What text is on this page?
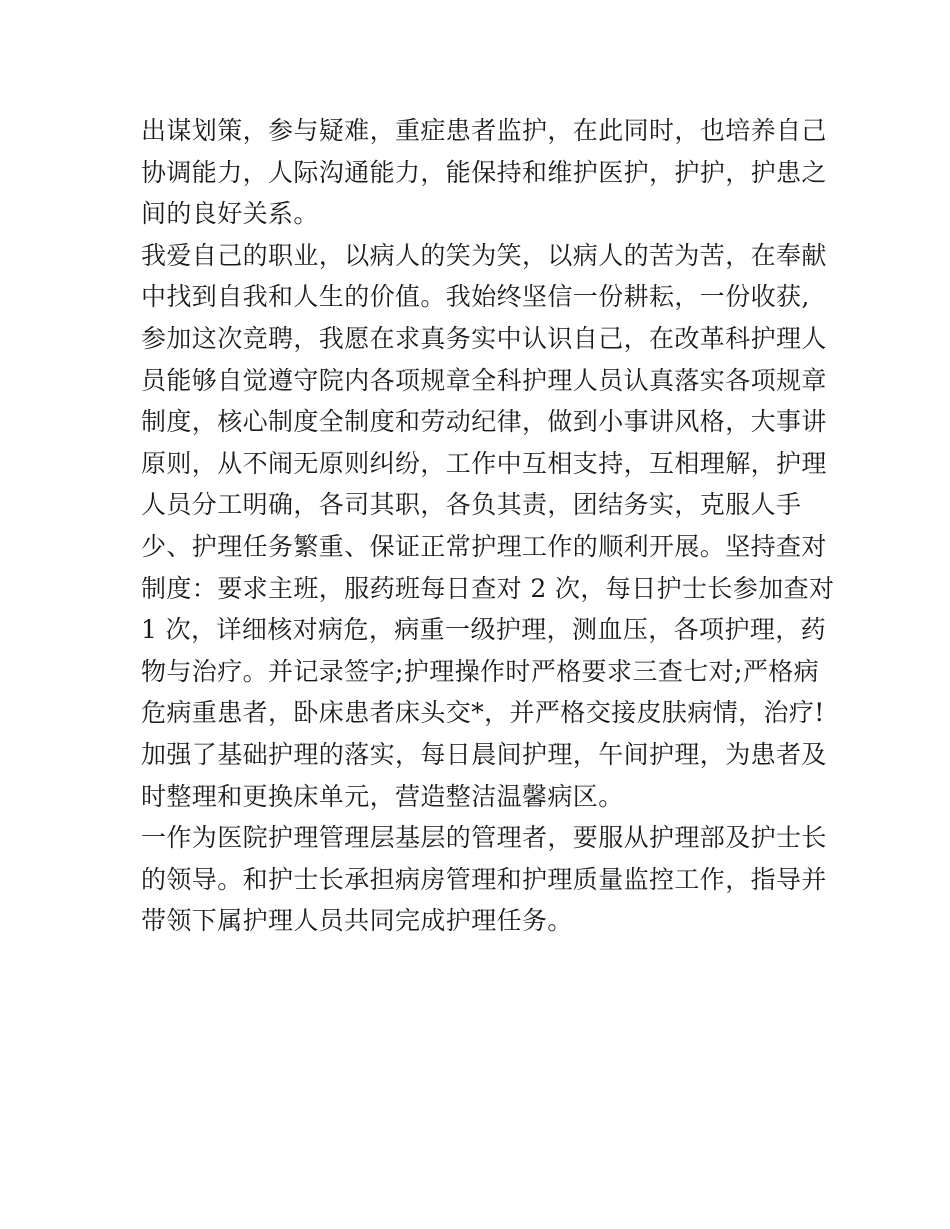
出谋划策，参与疑难，重症患者监护，在此同时，也培养自己
协调能力，人际沟通能力，能保持和维护医护，护护，护患之
间的良好关系。
我爱自己的职业，以病人的笑为笑，以病人的苦为苦，在奉献
中找到自我和人生的价值。我始终坚信一份耕耘，一份收获,
参加这次竞聘，我愿在求真务实中认识自己，在改革科护理人
员能够自觉遵守院内各项规章全科护理人员认真落实各项规章
制度，核心制度全制度和劳动纪律，做到小事讲风格，大事讲
原则，从不闹无原则纠纷，工作中互相支持，互相理解，护理
人员分工明确，各司其职，各负其责，团结务实，克服人手
少、护理任务繁重、保证正常护理工作的顺利开展。坚持查对
制度：要求主班，服药班每日查对 2 次，每日护士长参加查对
1 次，详细核对病危，病重一级护理，测血压，各项护理，药
物与治疗。并记录签字;护理操作时严格要求三查七对;严格病
危病重患者，卧床患者床头交*，并严格交接皮肤病情，治疗!
加强了基础护理的落实，每日晨间护理，午间护理，为患者及
时整理和更换床单元，营造整洁温馨病区。
一作为医院护理管理层基层的管理者，要服从护理部及护士长
的领导。和护士长承担病房管理和护理质量监控工作，指导并
带领下属护理人员共同完成护理任务。
